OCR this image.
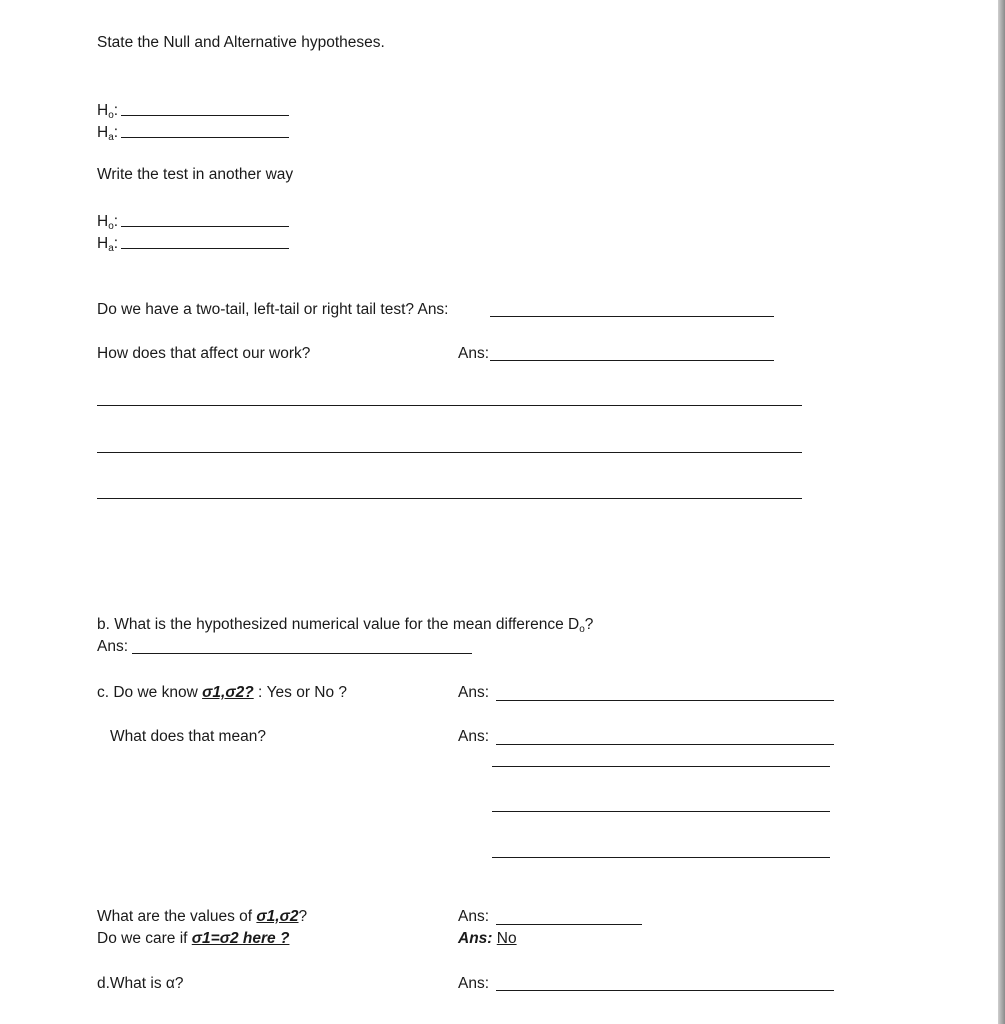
State the Null and Alternative hypotheses.
$H_o$:
$H_a$:
Write the test in another way
$H_o$:
$H_a$:
Do we have a two-tail, left-tail or right tail test? Ans:
How does that affect our work?	Ans:
b. What is the hypothesized numerical value for the mean difference $D_o$?
Ans:
c. Do we know σ1,σ2? : Yes or No ?	Ans:
What does that mean?	Ans:
What are the values of σ1,σ2?	Ans:
Do we care if σ1=σ2 here ?	Ans: No
d.What is α?	Ans:
